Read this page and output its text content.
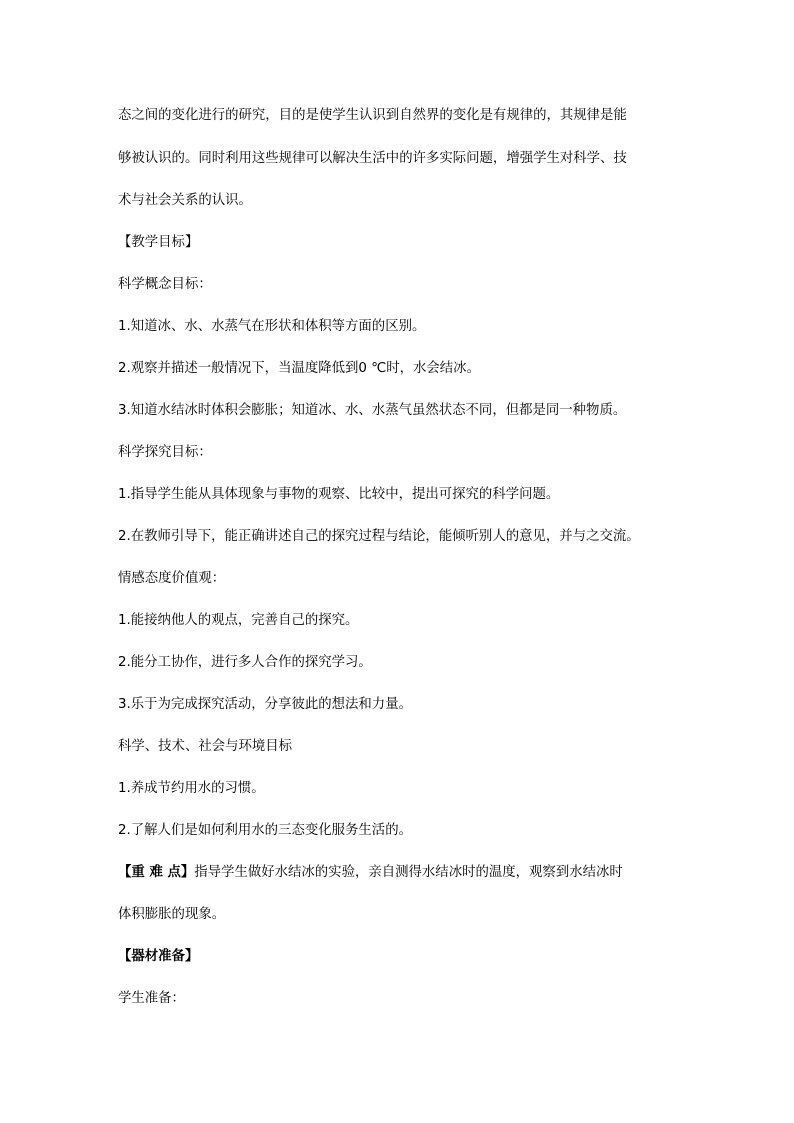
态之间的变化进行的研究，目的是使学生认识到自然界的变化是有规律的，其规律是能
够被认识的。同时利用这些规律可以解决生活中的许多实际问题，增强学生对科学、技
术与社会关系的认识。
【教学目标】
科学概念目标：
1.知道冰、水、水蒸气在形状和体积等方面的区别。
2.观察并描述一般情况下，当温度降低到0 ℃时，水会结冰。
3.知道水结冰时体积会膨胀；知道冰、水、水蒸气虽然状态不同，但都是同一种物质。
科学探究目标：
1.指导学生能从具体现象与事物的观察、比较中，提出可探究的科学问题。
2.在教师引导下，能正确讲述自己的探究过程与结论，能倾听别人的意见，并与之交流。
情感态度价值观：
1.能接纳他人的观点，完善自己的探究。
2.能分工协作，进行多人合作的探究学习。
3.乐于为完成探究活动，分享彼此的想法和力量。
科学、技术、社会与环境目标
1.养成节约用水的习惯。
2.了解人们是如何利用水的三态变化服务生活的。
【重 难 点】指导学生做好水结冰的实验，亲自测得水结冰时的温度，观察到水结冰时
体积膨胀的现象。
【器材准备】
学生准备：
